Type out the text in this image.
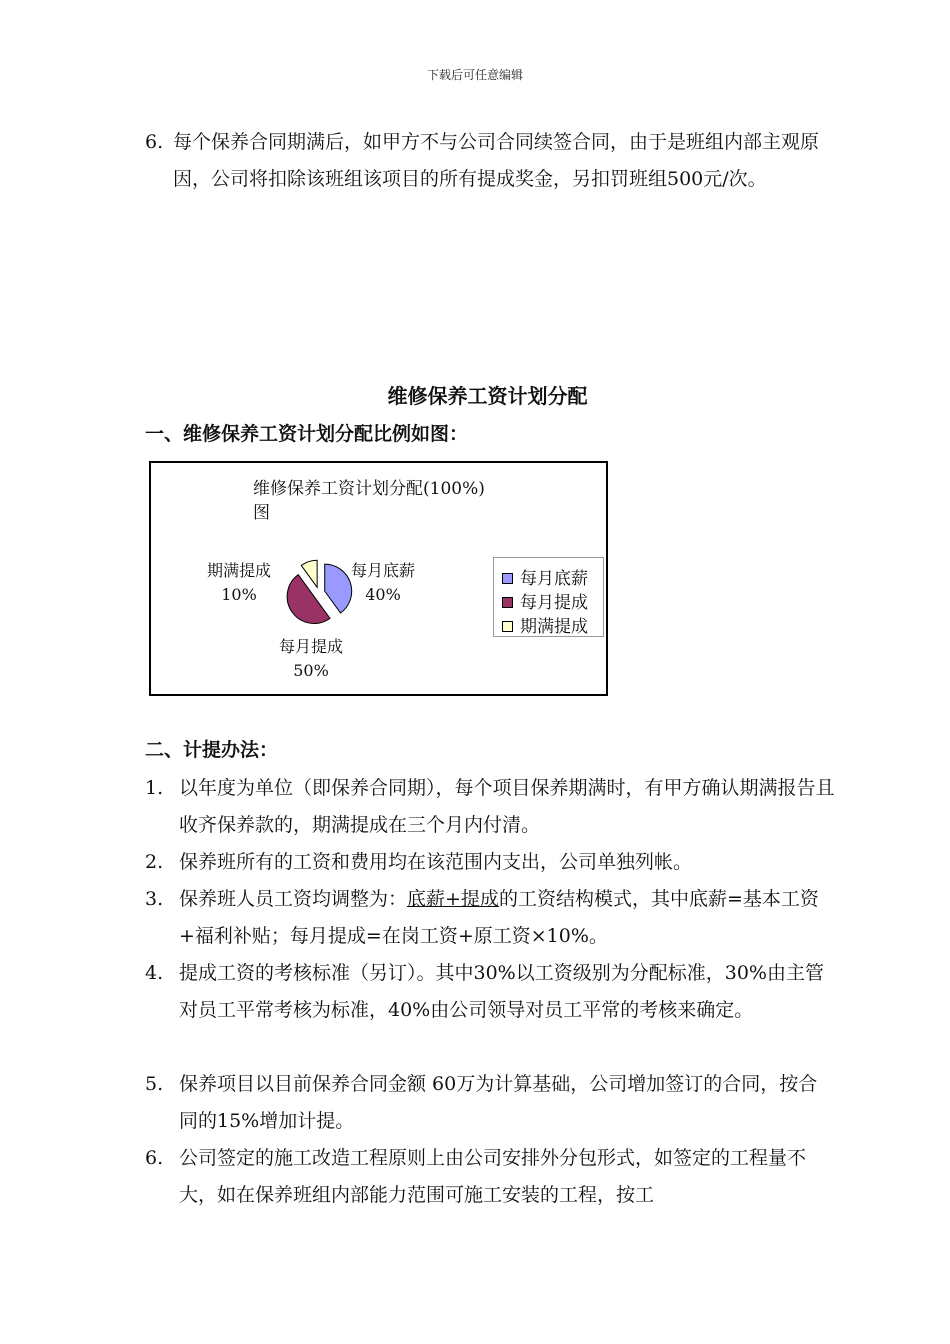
下载后可任意编辑
6. 每个保养合同期满后，如甲方不与公司合同续签合同，由于是班组内部主观原因，公司将扣除该班组该项目的所有提成奖金，另扣罚班组500元/次。
维修保养工资计划分配
一、维修保养工资计划分配比例如图：
维修保养工资计划分配(100%)
图
每月底薪
40%
每月提成
50%
期满提成
10%
每月底薪
每月提成
期满提成
二、计提办法：
1. 以年度为单位（即保养合同期），每个项目保养期满时，有甲方确认期满报告且收齐保养款的，期满提成在三个月内付清。
2. 保养班所有的工资和费用均在该范围内支出，公司单独列帐。
3. 保养班人员工资均调整为：底薪+提成的工资结构模式，其中底薪=基本工资+福利补贴；每月提成=在岗工资+原工资×10%。
4. 提成工资的考核标准（另订）。其中30%以工资级别为分配标准，30%由主管对员工平常考核为标准，40%由公司领导对员工平常的考核来确定。
5. 保养项目以目前保养合同金额 60万为计算基础，公司增加签订的合同，按合同的15%增加计提。
6. 公司签定的施工改造工程原则上由公司安排外分包形式，如签定的工程量不大，如在保养班组内部能力范围可施工安装的工程，按工
